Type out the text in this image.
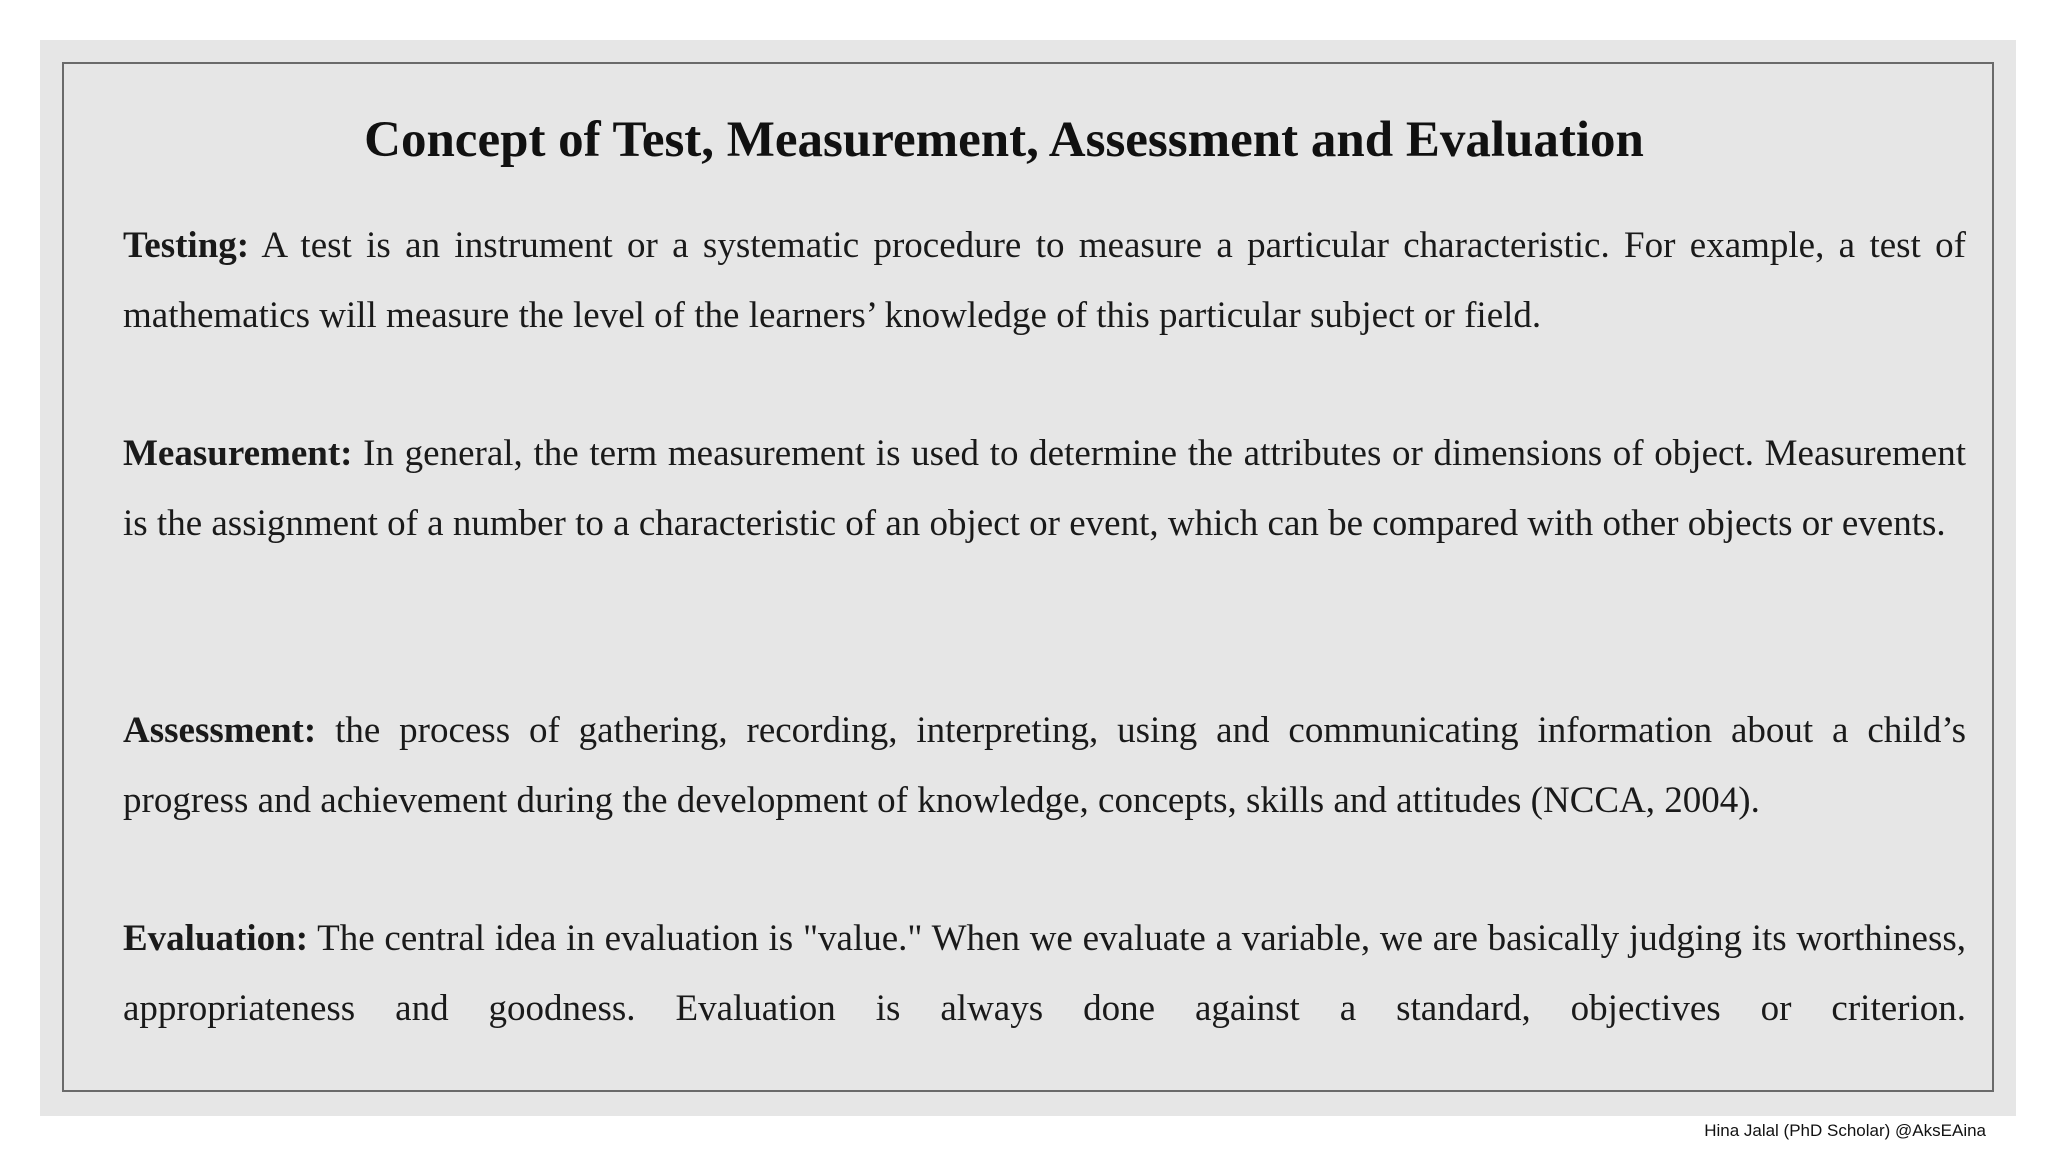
Concept of Test, Measurement, Assessment and Evaluation

Testing: A test is an instrument or a systematic procedure to measure a particular characteristic. For example, a test of mathematics will measure the level of the learners’ knowledge of this particular subject or field.

Measurement: In general, the term measurement is used to determine the attributes or dimensions of object. Measurement is the assignment of a number to a characteristic of an object or event, which can be compared with other objects or events.

Assessment: the process of gathering, recording, interpreting, using and communicating information about a child’s progress and achievement during the development of knowledge, concepts, skills and attitudes (NCCA, 2004).

Evaluation: The central idea in evaluation is "value." When we evaluate a variable, we are basically judging its worthiness, appropriateness and goodness. Evaluation is always done against a standard, objectives or criterion.

Hina Jalal (PhD Scholar) @AksEAina
